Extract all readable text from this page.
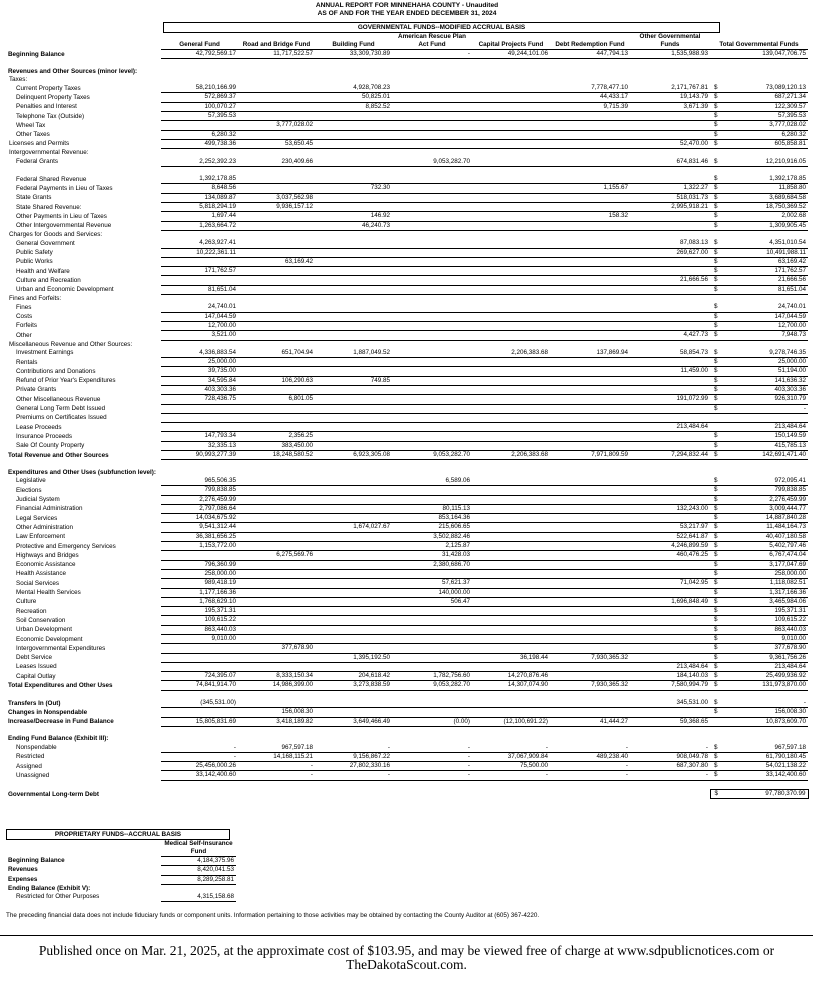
ANNUAL REPORT FOR MINNEHAHA COUNTY - Unaudited
AS OF AND FOR THE YEAR ENDED DECEMBER 31, 2024
GOVERNMENTAL FUNDS--MODIFIED ACCRUAL BASIS
	General Fund	Road and Bridge Fund	Building Fund	American Rescue Plan Act Fund	Capital Projects Fund	Debt Redemption Fund	Other Governmental Funds	Total Governmental Funds	
Beginning Balance	42,792,569.17	11,717,522.57	33,309,730.89	-	49,244,101.06	447,794.13	1,535,988.93		139,047,706.75

Revenues and Other Sources (minor level):									
Taxes:									
Current Property Taxes	58,210,166.99		4,928,708.23			7,778,477.10	2,171,767.81	$	73,089,120.13
Delinquent Property Taxes	572,869.37		50,825.01			44,433.17	19,143.79	$	687,271.34
Penalties and Interest	100,070.27		8,852.52			9,715.39	3,671.39	$	122,309.57
Telephone Tax (Outside)	57,395.53							$	57,395.53
Wheel Tax		3,777,028.02						$	3,777,028.02
Other Taxes	6,280.32							$	6,280.32
Licenses and Permits	499,738.36	53,650.45					52,470.00	$	605,858.81
Intergovernmental Revenue:									
Federal Grants	2,252,392.23	230,409.66		9,053,282.70			674,831.46	$	12,210,916.05

Federal Shared Revenue	1,392,178.85							$	1,392,178.85
Federal Payments in Lieu of Taxes	8,648.56		732.30			1,155.67	1,322.27	$	11,858.80
State Grants	134,089.87	3,037,562.98					518,031.73	$	3,689,684.58
State Shared Revenue:	5,818,294.19	9,936,157.12					2,995,918.21	$	18,750,369.52
Other Payments in Lieu of Taxes	1,697.44		146.92			158.32		$	2,002.68
Other Intergovernmental Revenue	1,263,664.72		46,240.73					$	1,309,905.45
Charges for Goods and Services:									
General Government	4,263,927.41						87,083.13	$	4,351,010.54
Public Safety	10,222,361.11						269,627.00	$	10,491,988.11
Public Works		63,169.42						$	63,169.42
Health and Welfare	171,762.57							$	171,762.57
Culture and Recreation							21,666.56	$	21,666.56
Urban and Economic Development	81,651.04							$	81,651.04
Fines and Forfeits:									
Fines	24,740.01							$	24,740.01
Costs	147,044.59							$	147,044.59
Forfeits	12,700.00							$	12,700.00
Other	3,521.00						4,427.73	$	7,948.73
Miscellaneous Revenue and Other Sources:									
Investment Earnings	4,336,883.54	651,704.94	1,887,049.52		2,206,383.68	137,869.94	58,854.73	$	9,278,746.35
Rentals	25,000.00							$	25,000.00
Contributions and Donations	39,735.00						11,459.00	$	51,194.00
Refund of Prior Year's Expenditures	34,595.84	106,290.63	749.85					$	141,636.32
Private Grants	403,303.36							$	403,303.36
Other Miscellaneous Revenue	728,436.75	6,801.05					191,072.99	$	926,310.79
General Long Term Debt Issued								$	-
Premiums on Certificates Issued									
Lease Proceeds							213,484.64		213,484.64
Insurance Proceeds	147,793.34	2,356.25						$	150,149.59
Sale Of County Property	32,335.13	383,450.00						$	415,785.13
Total Revenue and Other Sources	90,993,277.39	18,248,580.52	6,923,305.08	9,053,282.70	2,206,383.68	7,971,809.59	7,294,832.44	$	142,691,471.40

Expenditures and Other Uses (subfunction level):									
Legislative	965,506.35			6,589.06				$	972,095.41
Elections	799,838.85							$	799,838.85
Judicial System	2,276,459.99							$	2,276,459.99
Financial Administration	2,797,086.64			80,115.13			132,243.00	$	3,009,444.77
Legal Services	14,034,675.92			853,164.36				$	14,887,840.28
Other Administration	9,541,312.44		1,674,027.67	215,606.65			53,217.97	$	11,484,164.73
Law Enforcement	36,381,656.25			3,502,882.46			522,641.87	$	40,407,180.58
Protective and Emergency Services	1,153,772.00			2,125.87			4,246,899.59	$	5,402,797.46
Highways and Bridges		6,275,569.76		31,428.03			460,476.25	$	6,767,474.04
Economic Assistance	796,360.99			2,380,686.70				$	3,177,047.69
Health Assistance	258,000.00							$	258,000.00
Social Services	989,418.19			57,621.37			71,042.95	$	1,118,082.51
Mental Health Services	1,177,166.36			140,000.00				$	1,317,166.36
Culture	1,768,629.10			506.47			1,696,848.49	$	3,465,984.06
Recreation	195,371.31							$	195,371.31
Soil Conservation	109,615.22							$	109,615.22
Urban Development	863,440.03							$	863,440.03
Economic Development	9,010.00							$	9,010.00
Intergovernmental Expenditures		377,678.90						$	377,678.90
Debt Service			1,395,192.50		36,198.44	7,930,365.32		$	9,361,756.26
Leases Issued							213,484.64	$	213,484.64
Capital Outlay	724,395.07	8,333,150.34	204,618.42	1,782,756.60	14,270,876.46		184,140.03	$	25,499,936.92
Total Expenditures and Other Uses	74,841,914.70	14,986,399.00	3,273,838.59	9,053,282.70	14,307,074.90	7,930,365.32	7,580,994.79	$	131,973,870.00

Transfers In (Out)	(345,531.00)						345,531.00	$	-
Changes in Nonspendable		156,008.30						$	156,008.30
Increase/Decrease in Fund Balance	15,805,831.69	3,418,189.82	3,649,466.49	(0.00)	(12,100,691.22)	41,444.27	59,368.65		10,873,609.70

Ending Fund Balance (Exhibit III):									
Nonspendable	-	967,597.18	-	-	-	-	-	$	967,597.18
Restricted	-	14,168,115.21	9,156,867.22	-	37,067,909.84	489,238.40	908,049.78	$	61,790,180.45
Assigned	25,456,000.26	-	27,802,330.16	-	75,500.00	-	687,307.80	$	54,021,138.22
Unassigned	33,142,400.60	-	-	-	-	-	-	$	33,142,400.60

Governmental Long-term Debt								$	97,780,370.99
PROPRIETARY FUNDS--ACCRUAL BASIS
	Medical Self-Insurance Fund
Beginning Balance	4,184,375.96
Revenues	8,420,041.53
Expenses	8,289,258.81
Ending Balance (Exhibit V):	
Restricted for Other Purposes	4,315,158.68
The preceding financial data does not include fiduciary funds or component units. Information pertaining to those activities may be obtained by contacting the County Auditor at (605) 367-4220.
Published once on Mar. 21, 2025, at the approximate cost of $103.95, and may be viewed free of charge at www.sdpublicnotices.com or TheDakotaScout.com.
